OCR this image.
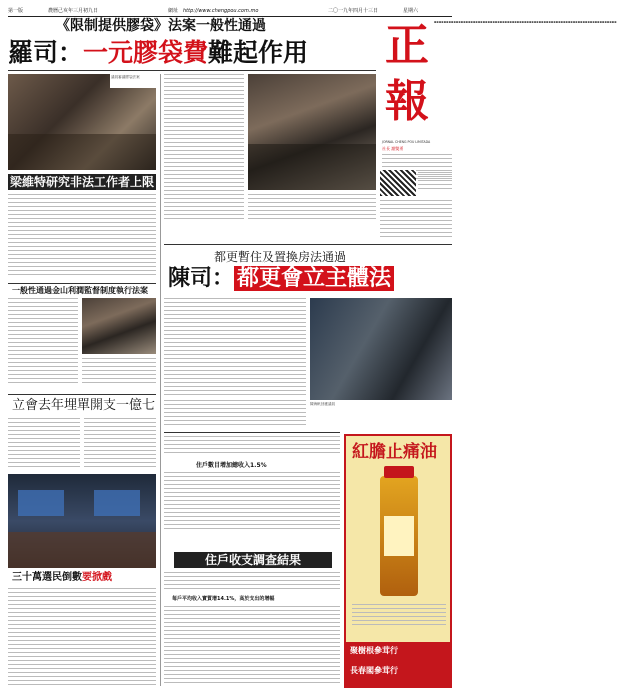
第一版	農曆己亥年三月初九日	網址 http://www.chengpou.com.mo	二〇一九年四月十三日	星期六
正
報
▪▪▪▪▪▪▪▪▪▪▪▪▪▪▪▪▪▪▪▪▪▪▪▪▪▪▪▪▪▪▪▪▪▪▪▪▪▪▪▪▪▪▪▪▪▪▪▪▪▪▪▪▪▪▪▪▪▪▪▪▪▪▪▪▪▪▪▪▪▪▪▪▪▪▪
JORNAL CHENG POU LIMITADA
社長 謝雙勇
《限制提供膠袋》法案一般性通過
羅司：一元膠袋費難起作用
議員審議膠袋法案
梁維特研究非法工作者上限
一般性通過金山利潤監督制度執行法案
立會去年埋單開支一億七
三十萬選民倒數要掀戲
都更暫住及置換房法通過
陳司： 都更會立主體法
陳海帆回應議員
住戶數目增加總收入1.5%
住戶收支調查結果
每戶平均收入實質增14.1%，高於支出的增幅
紅膽止痛油
聚樹根參茸行
長春閣參茸行
